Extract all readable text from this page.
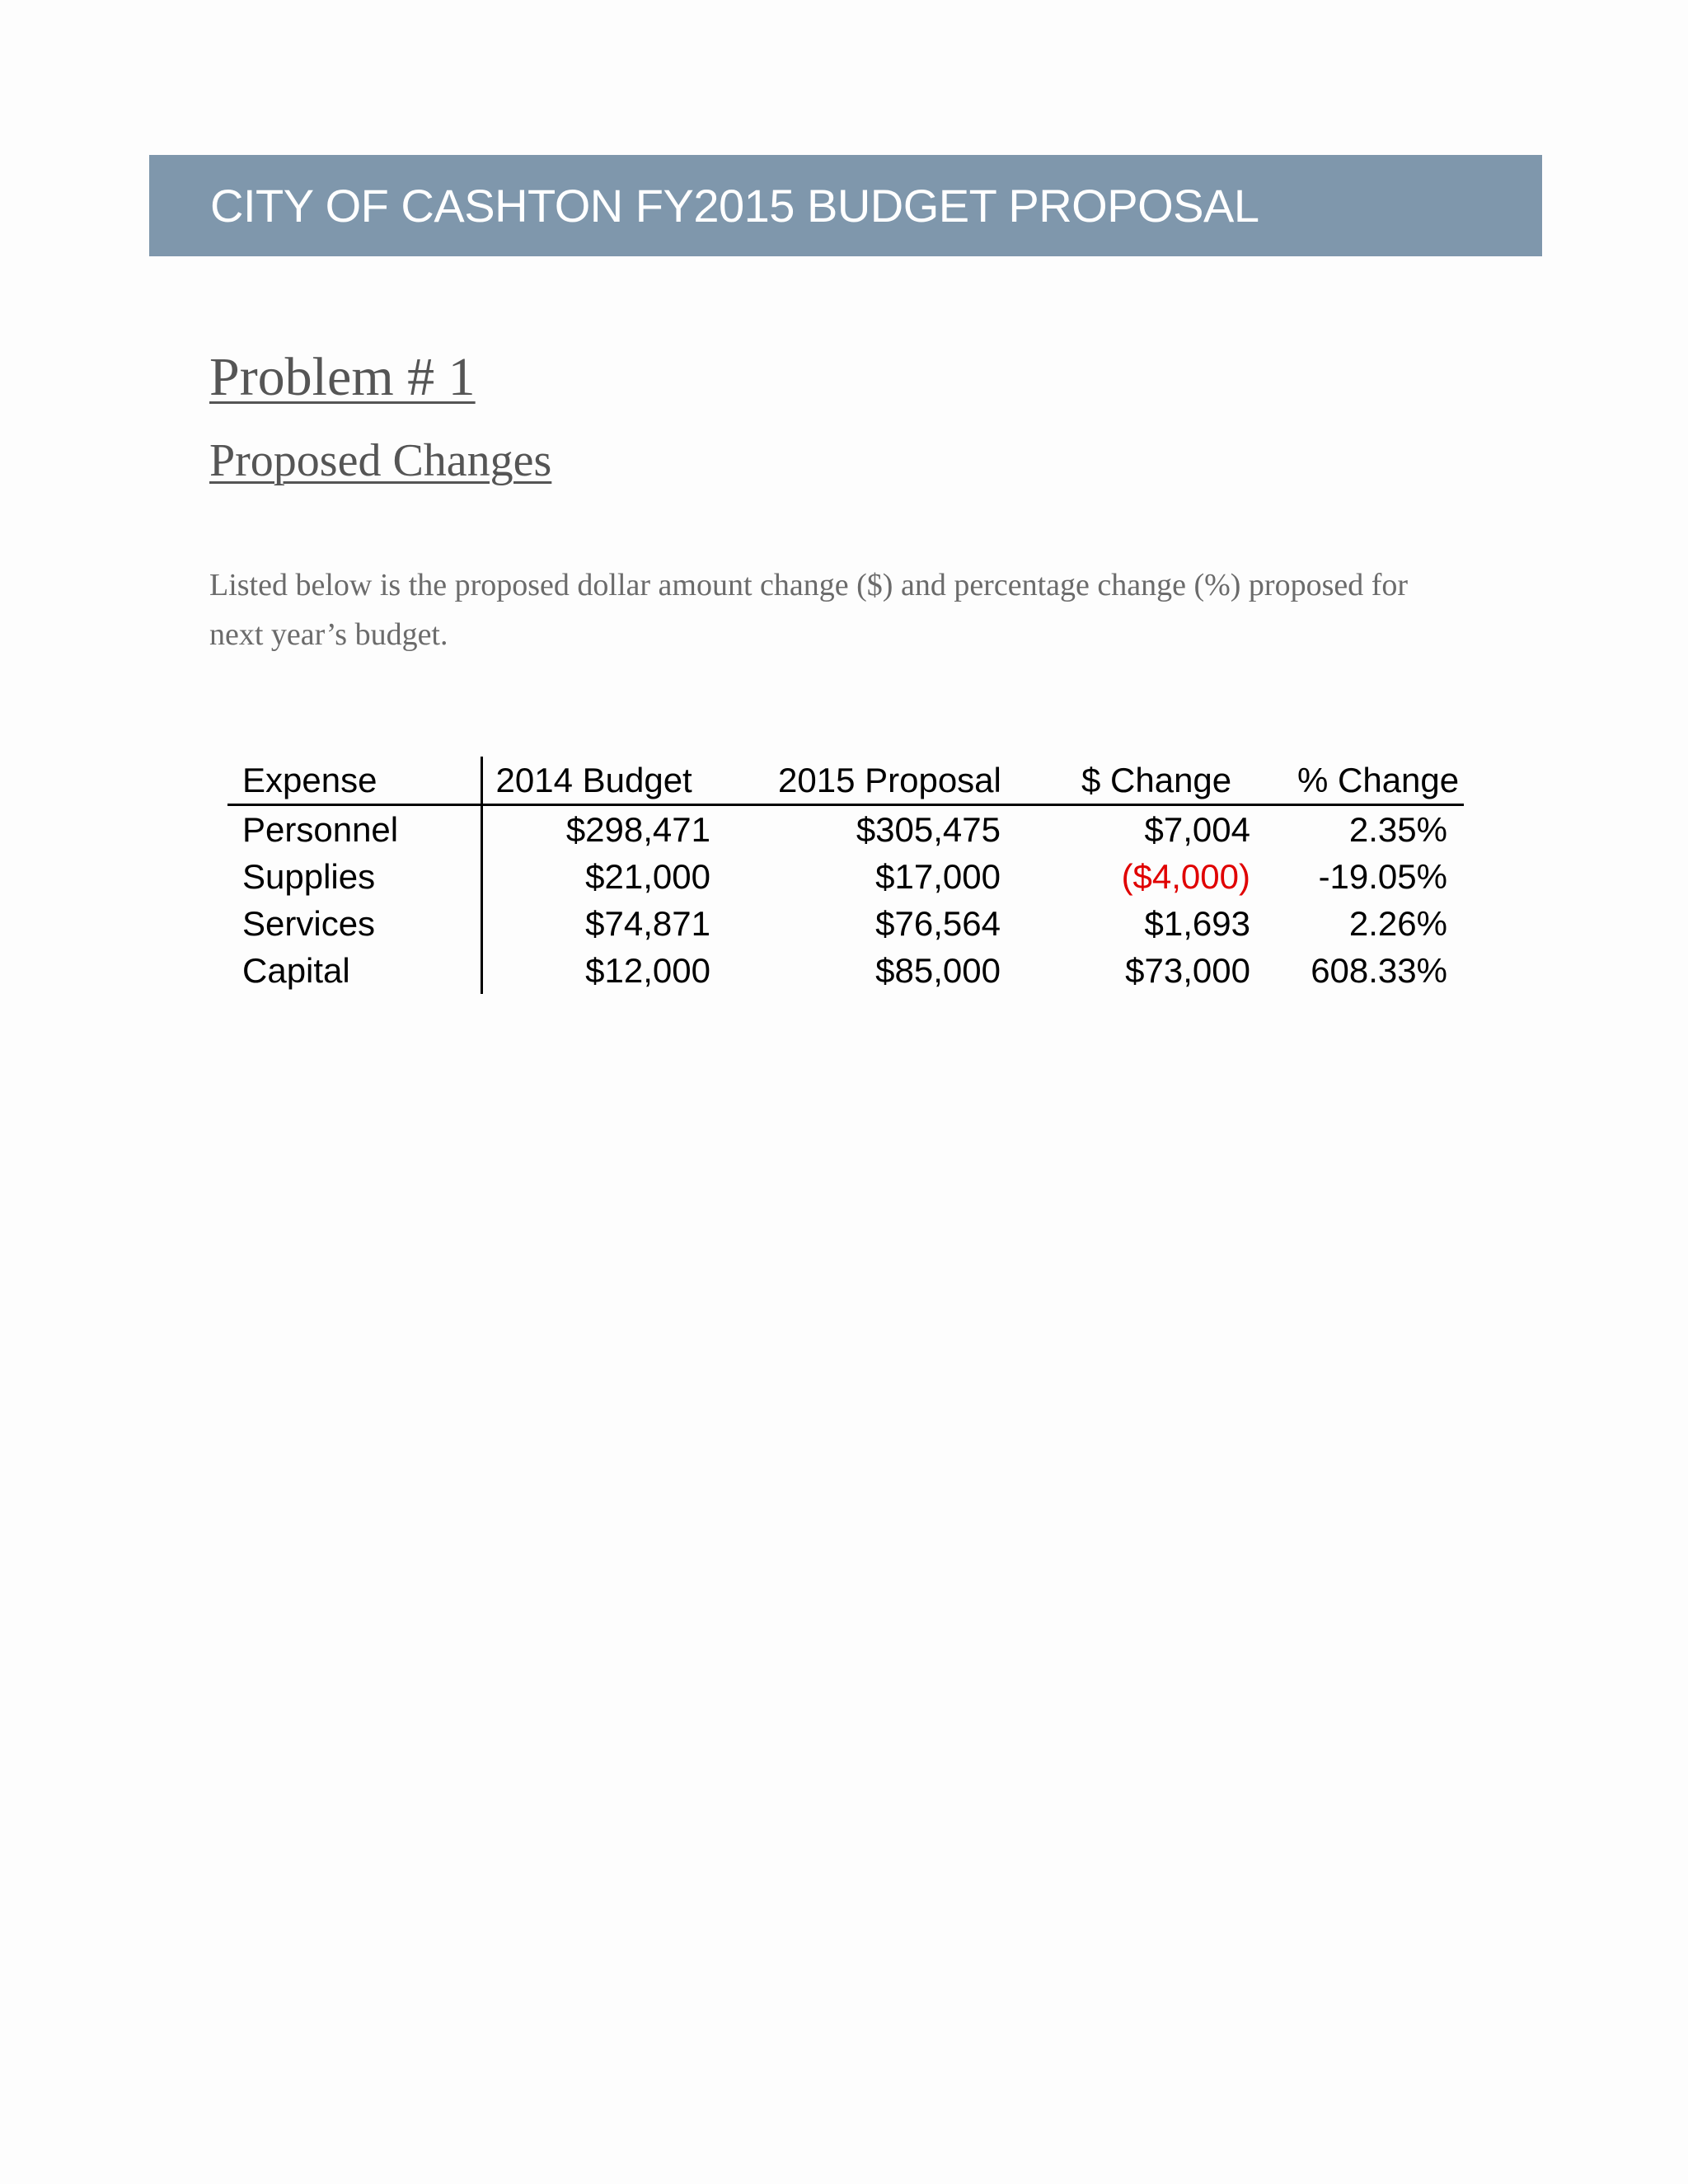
CITY OF CASHTON FY2015 BUDGET PROPOSAL
Problem # 1
Proposed Changes

Listed below is the proposed dollar amount change ($) and percentage change (%) proposed for next year’s budget.

Expense	2014 Budget	2015 Proposal	$ Change	% Change
Personnel	$298,471	$305,475	$7,004	2.35%
Supplies	$21,000	$17,000	($4,000)	-19.05%
Services	$74,871	$76,564	$1,693	2.26%
Capital	$12,000	$85,000	$73,000	608.33%
